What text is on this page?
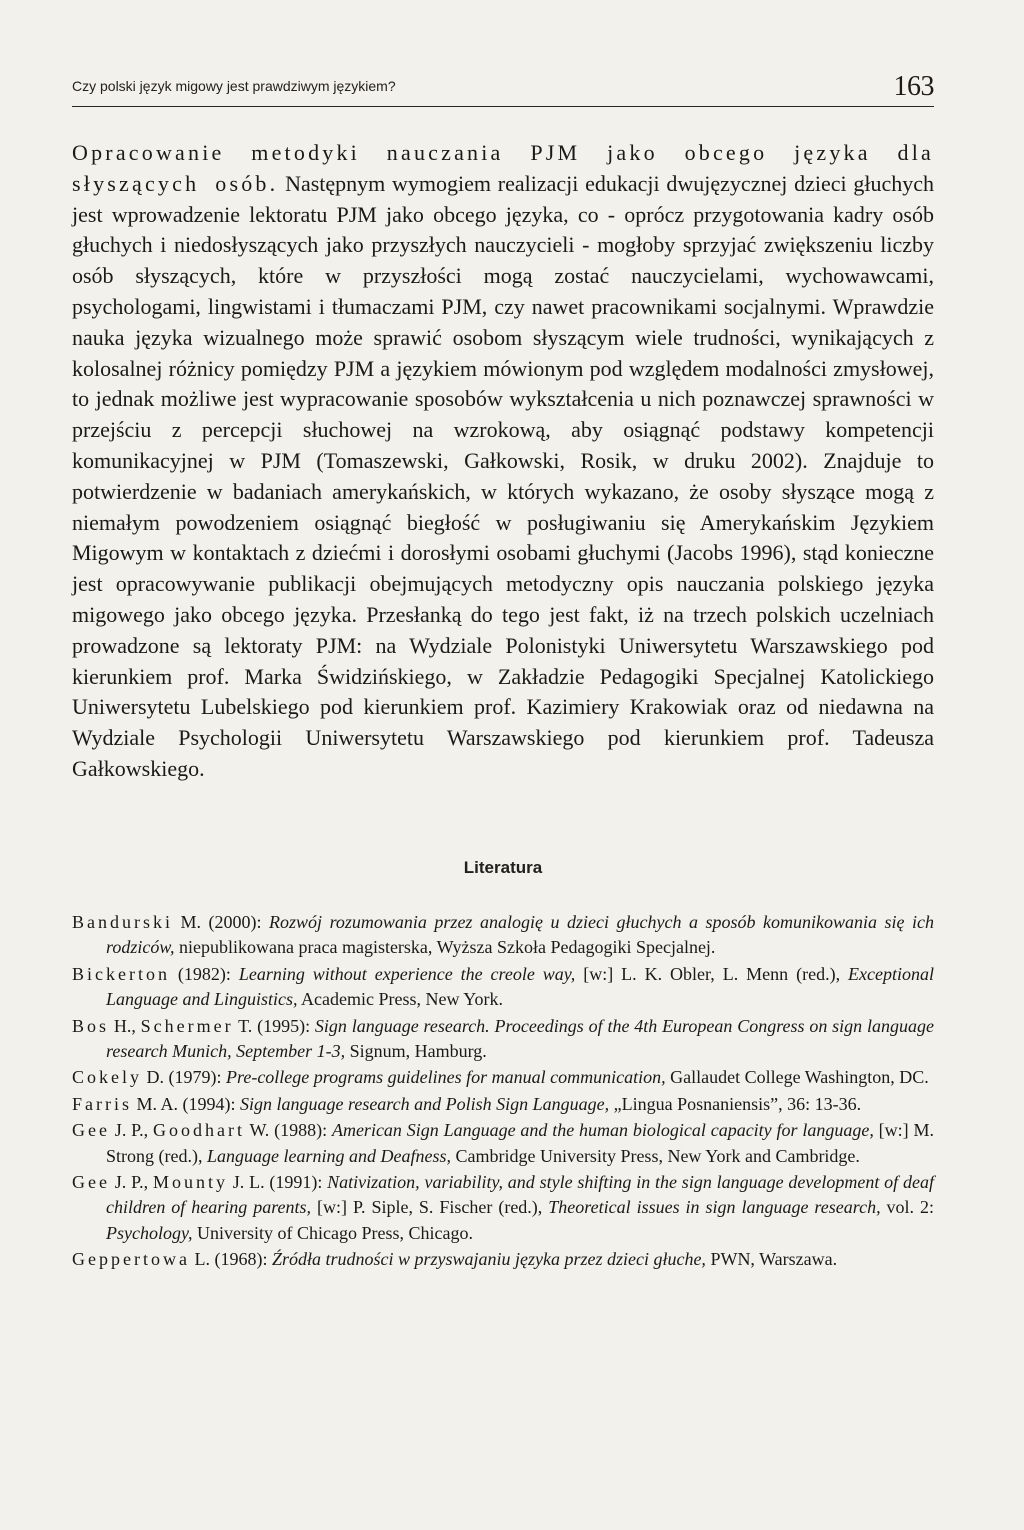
Czy polski język migowy jest prawdziwym językiem?	163

Opracowanie metodyki nauczania PJM jako obcego języka dla słyszących osób. Następnym wymogiem realizacji edukacji dwujęzycznej dzieci głuchych jest wprowadzenie lektoratu PJM jako obcego języka, co - oprócz przygotowania kadry osób głuchych i niedosłyszących jako przyszłych nauczycieli - mogłoby sprzyjać zwiększeniu liczby osób słyszących, które w przyszłości mogą zostać nauczycielami, wychowawcami, psychologami, lingwistami i tłumaczami PJM, czy nawet pracownikami socjalnymi. Wprawdzie nauka języka wizualnego może sprawić osobom słyszącym wiele trudności, wynikających z kolosalnej różnicy pomiędzy PJM a językiem mówionym pod względem modalności zmysłowej, to jednak możliwe jest wypracowanie sposobów wykształcenia u nich poznawczej sprawności w przejściu z percepcji słuchowej na wzrokową, aby osiągnąć podstawy kompetencji komunikacyjnej w PJM (Tomaszewski, Gałkowski, Rosik, w druku 2002). Znajduje to potwierdzenie w badaniach amerykańskich, w których wykazano, że osoby słyszące mogą z niemałym powodzeniem osiągnąć biegłość w posługiwaniu się Amerykańskim Językiem Migowym w kontaktach z dziećmi i dorosłymi osobami głuchymi (Jacobs 1996), stąd konieczne jest opracowywanie publikacji obejmujących metodyczny opis nauczania polskiego języka migowego jako obcego języka. Przesłanką do tego jest fakt, iż na trzech polskich uczelniach prowadzone są lektoraty PJM: na Wydziale Polonistyki Uniwersytetu Warszawskiego pod kierunkiem prof. Marka Świdzińskiego, w Zakładzie Pedagogiki Specjalnej Katolickiego Uniwersytetu Lubelskiego pod kierunkiem prof. Kazimiery Krakowiak oraz od niedawna na Wydziale Psychologii Uniwersytetu Warszawskiego pod kierunkiem prof. Tadeusza Gałkowskiego.

Literatura
Bandurski M. (2000): Rozwój rozumowania przez analogię u dzieci głuchych a sposób komunikowania się ich rodziców, niepublikowana praca magisterska, Wyższa Szkoła Pedagogiki Specjalnej.
Bickerton (1982): Learning without experience the creole way, [w:] L. K. Obler, L. Menn (red.), Exceptional Language and Linguistics, Academic Press, New York.
Bos H., Schermer T. (1995): Sign language research. Proceedings of the 4th European Congress on sign language research Munich, September 1-3, Signum, Hamburg.
Cokely D. (1979): Pre-college programs guidelines for manual communication, Gallaudet College Washington, DC.
Farris M. A. (1994): Sign language research and Polish Sign Language, „Lingua Posnaniensis”, 36: 13-36.
Gee J. P., Goodhart W. (1988): American Sign Language and the human biological capacity for language, [w:] M. Strong (red.), Language learning and Deafness, Cambridge University Press, New York and Cambridge.
Gee J. P., Mounty J. L. (1991): Nativization, variability, and style shifting in the sign language development of deaf children of hearing parents, [w:] P. Siple, S. Fischer (red.), Theoretical issues in sign language research, vol. 2: Psychology, University of Chicago Press, Chicago.
Geppertowa L. (1968): Źródła trudności w przyswajaniu języka przez dzieci głuche, PWN, Warszawa.
